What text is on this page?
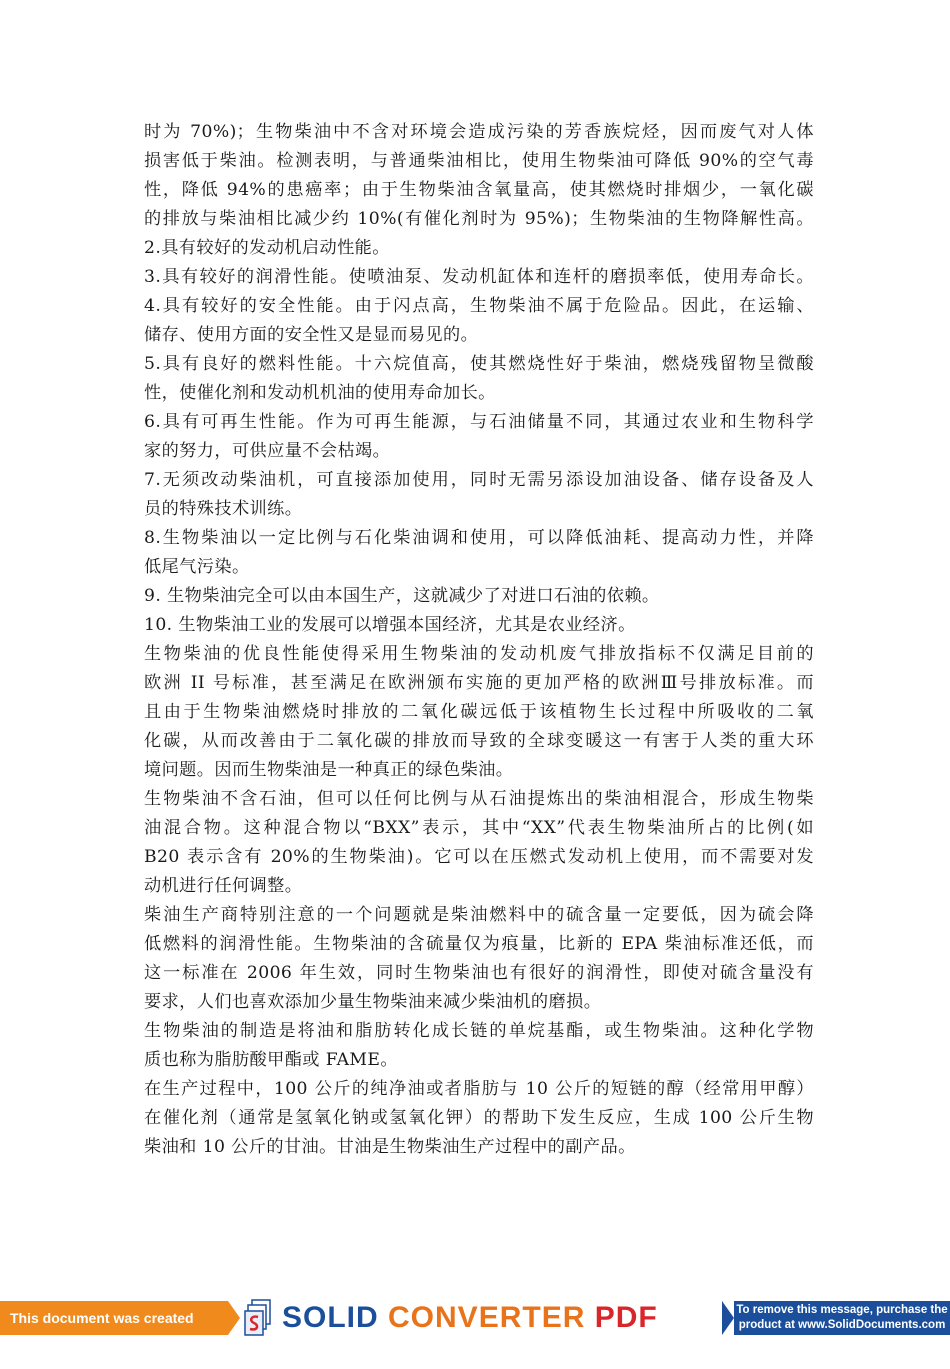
时为 70%)；生物柴油中不含对环境会造成污染的芳香族烷烃，因而废气对人体
损害低于柴油。检测表明，与普通柴油相比，使用生物柴油可降低 90%的空气毒
性，降低 94%的患癌率；由于生物柴油含氧量高，使其燃烧时排烟少，一氧化碳
的排放与柴油相比减少约 10%(有催化剂时为 95%)；生物柴油的生物降解性高。
2.具有较好的发动机启动性能。
3.具有较好的润滑性能。使喷油泵、发动机缸体和连杆的磨损率低，使用寿命长。
4.具有较好的安全性能。由于闪点高，生物柴油不属于危险品。因此，在运输、
储存、使用方面的安全性又是显而易见的。
5.具有良好的燃料性能。十六烷值高，使其燃烧性好于柴油，燃烧残留物呈微酸
性，使催化剂和发动机机油的使用寿命加长。
6.具有可再生性能。作为可再生能源，与石油储量不同，其通过农业和生物科学
家的努力，可供应量不会枯竭。
7.无须改动柴油机，可直接添加使用，同时无需另添设加油设备、储存设备及人
员的特殊技术训练。
8.生物柴油以一定比例与石化柴油调和使用，可以降低油耗、提高动力性，并降
低尾气污染。
9. 生物柴油完全可以由本国生产，这就减少了对进口石油的依赖。
10. 生物柴油工业的发展可以增强本国经济，尤其是农业经济。
生物柴油的优良性能使得采用生物柴油的发动机废气排放指标不仅满足目前的
欧洲 II 号标准，甚至满足在欧洲颁布实施的更加严格的欧洲Ⅲ号排放标准。而
且由于生物柴油燃烧时排放的二氧化碳远低于该植物生长过程中所吸收的二氧
化碳，从而改善由于二氧化碳的排放而导致的全球变暖这一有害于人类的重大环
境问题。因而生物柴油是一种真正的绿色柴油。
生物柴油不含石油，但可以任何比例与从石油提炼出的柴油相混合，形成生物柴
油混合物。这种混合物以“BXX”表示，其中“XX”代表生物柴油所占的比例(如
B20 表示含有 20%的生物柴油)。它可以在压燃式发动机上使用，而不需要对发
动机进行任何调整。
柴油生产商特别注意的一个问题就是柴油燃料中的硫含量一定要低，因为硫会降
低燃料的润滑性能。生物柴油的含硫量仅为痕量，比新的 EPA 柴油标准还低，而
这一标准在 2006 年生效，同时生物柴油也有很好的润滑性，即使对硫含量没有
要求，人们也喜欢添加少量生物柴油来减少柴油机的磨损。
生物柴油的制造是将油和脂肪转化成长链的单烷基酯，或生物柴油。这种化学物
质也称为脂肪酸甲酯或 FAME。
在生产过程中，100 公斤的纯净油或者脂肪与 10 公斤的短链的醇（经常用甲醇）
在催化剂（通常是氢氧化钠或氢氧化钾）的帮助下发生反应，生成 100 公斤生物
柴油和 10 公斤的甘油。甘油是生物柴油生产过程中的副产品。
This document was created using
SOLID CONVERTER PDF	To remove this message, purchase the
product at www.SolidDocuments.com
